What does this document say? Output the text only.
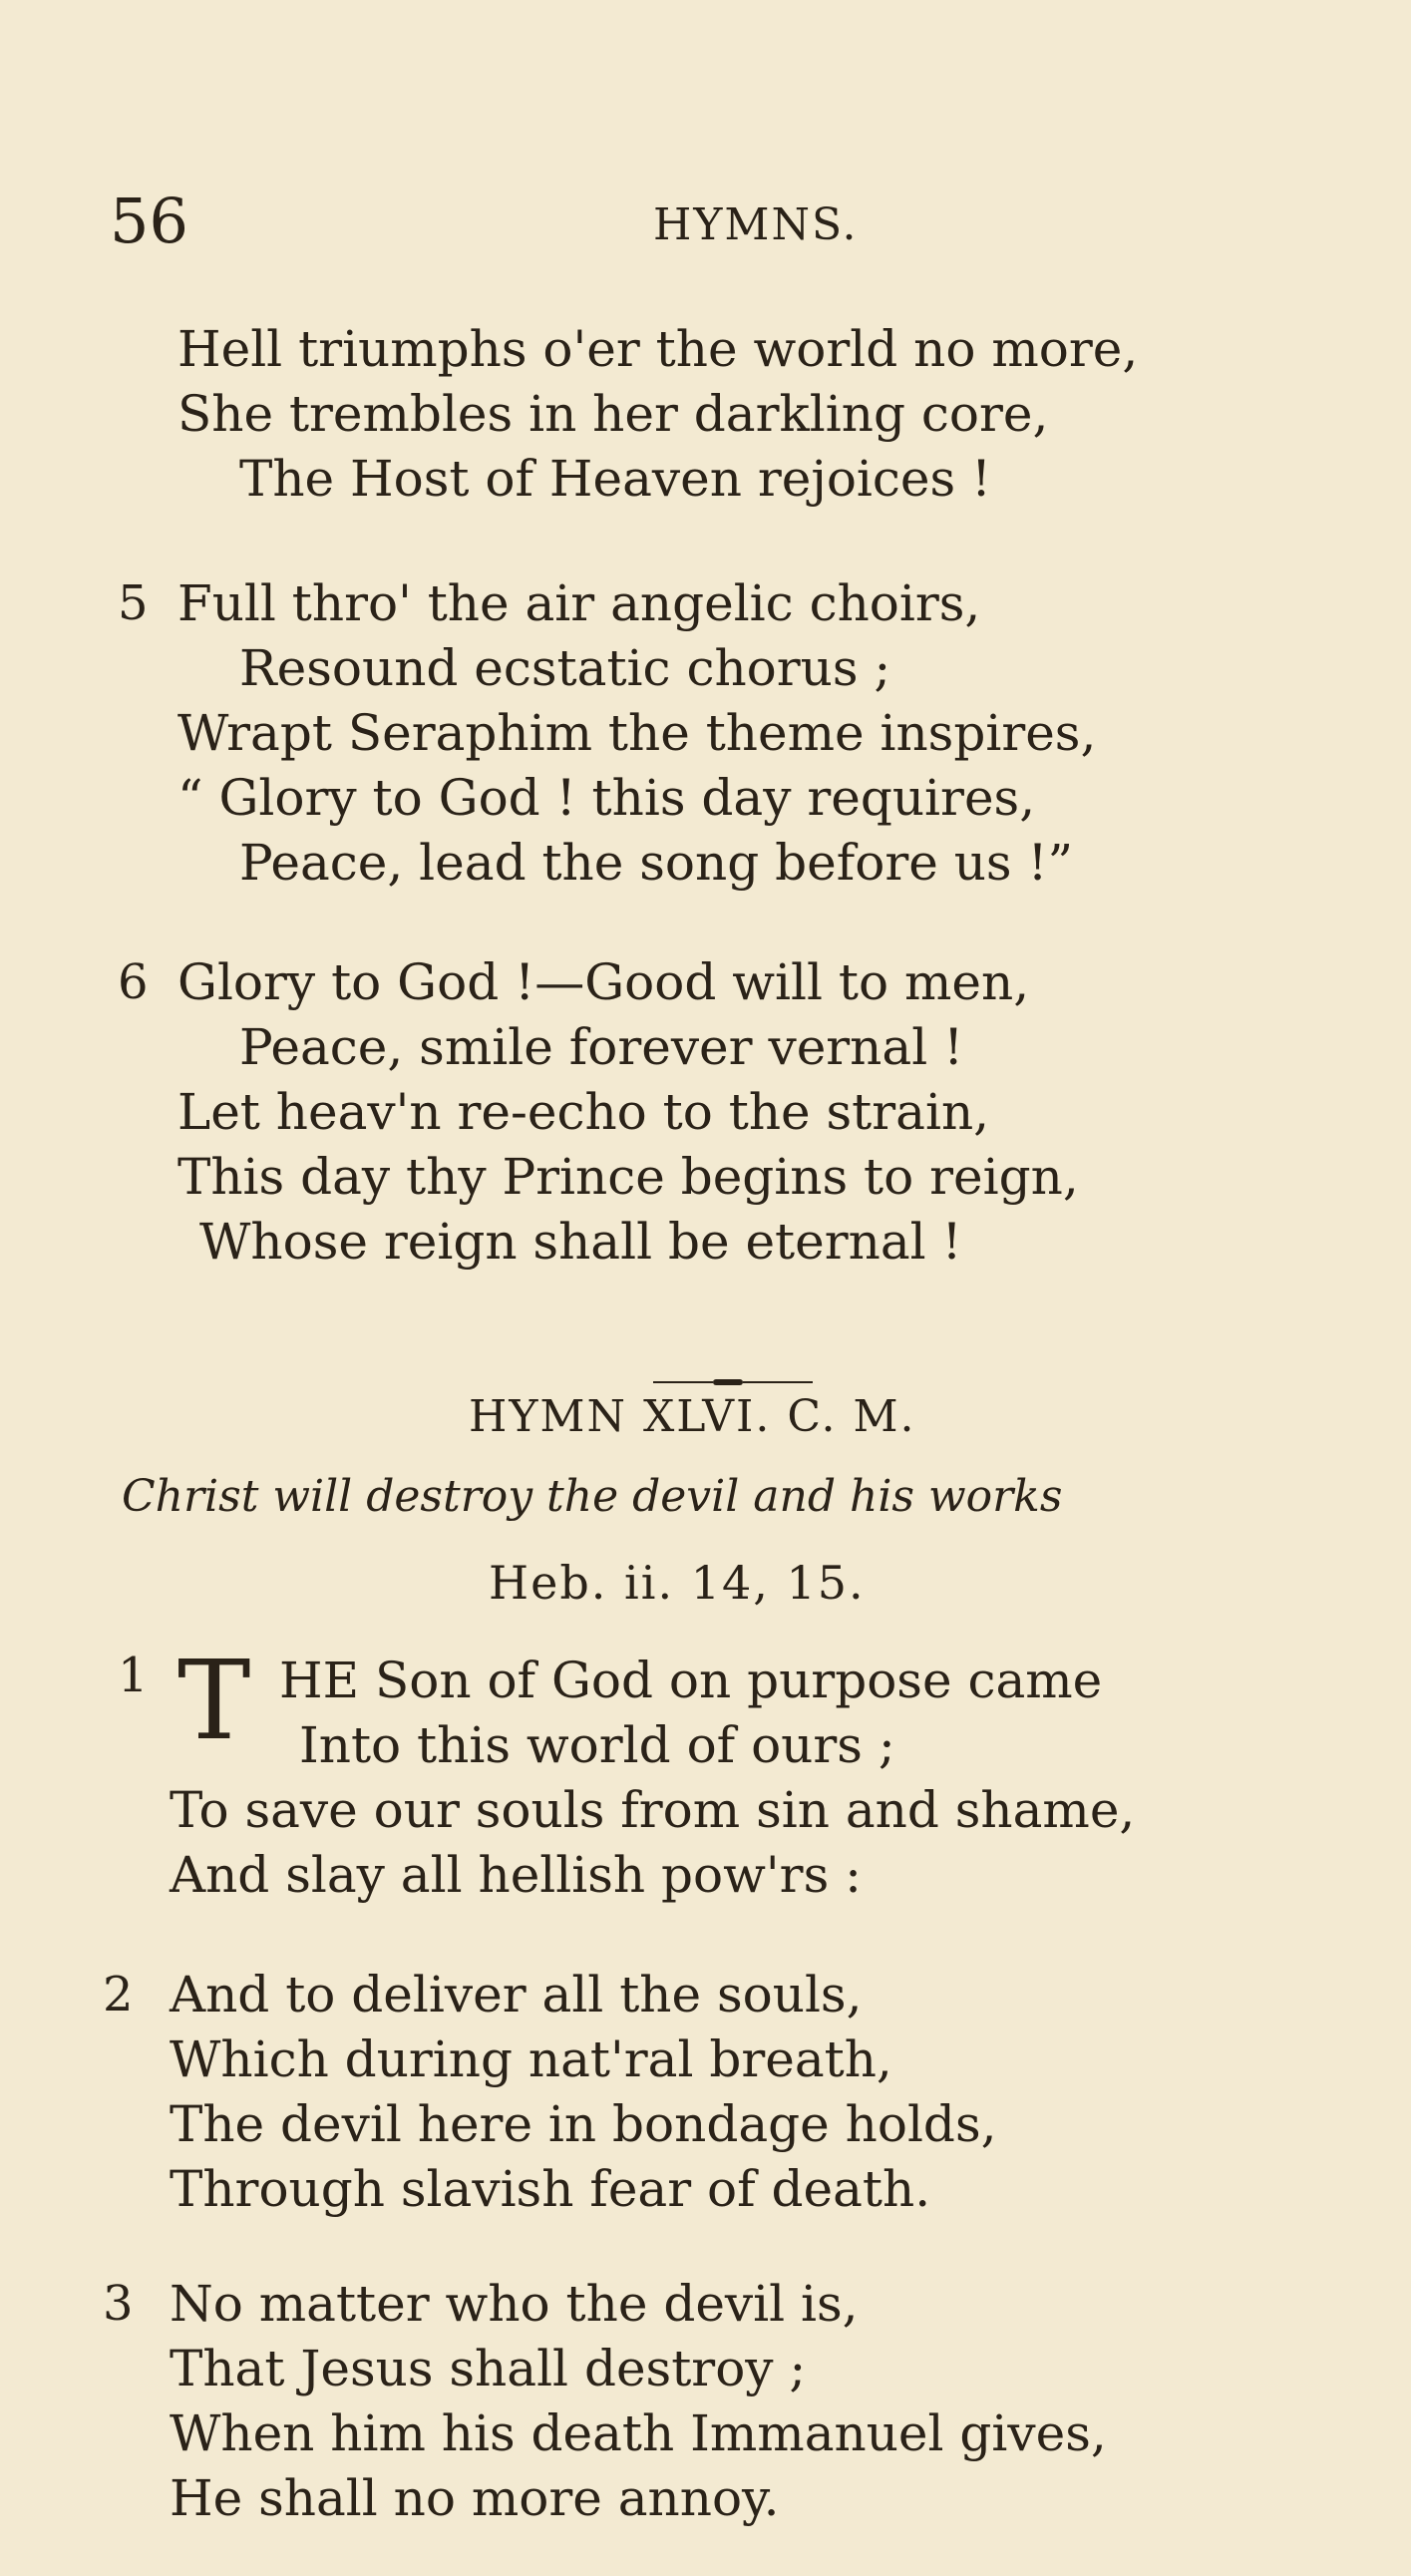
56	HYMNS.
Hell triumphs o'er the world no more,
She trembles in her darkling core,
The Host of Heaven rejoices !
5 Full thro' the air angelic choirs,
Resound ecstatic chorus ;
Wrapt Seraphim the theme inspires,
“ Glory to God ! this day requires,
Peace, lead the song before us !”
6 Glory to God !—Good will to men,
Peace, smile forever vernal !
Let heav'n re-echo to the strain,
This day thy Prince begins to reign,
Whose reign shall be eternal !
HYMN XLVI. C. M.
Christ will destroy the devil and his works
Heb. ii. 14, 15.
1 T HE Son of God on purpose came
Into this world of ours ;
To save our souls from sin and shame,
And slay all hellish pow'rs :
2 And to deliver all the souls,
Which during nat'ral breath,
The devil here in bondage holds,
Through slavish fear of death.
3 No matter who the devil is,
That Jesus shall destroy ;
When him his death Immanuel gives,
He shall no more annoy.
